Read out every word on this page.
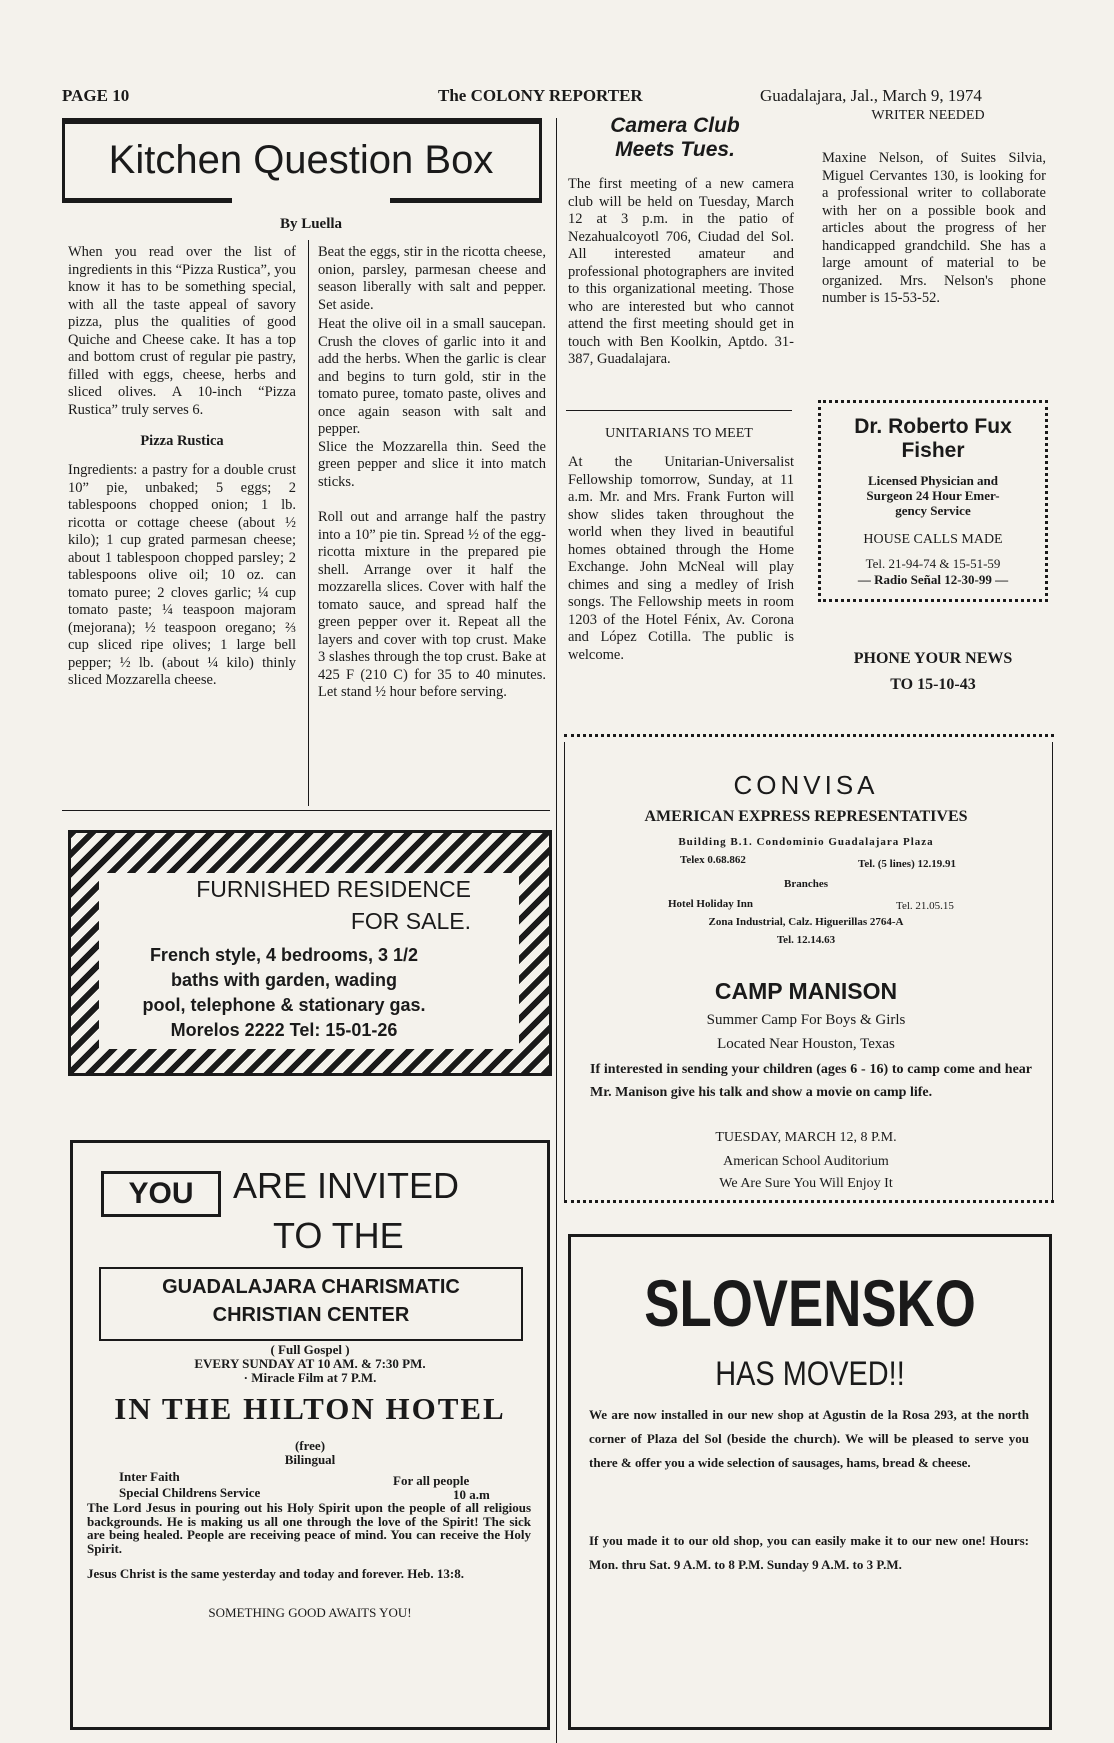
PAGE 10	The COLONY REPORTER	Guadalajara, Jal., March 9, 1974
Kitchen Question Box
By Luella

When you read over the list of ingredients in this “Pizza Rustica”, you know it has to be something special, with all the taste appeal of savory pizza, plus the qualities of good Quiche and Cheese cake. It has a top and bottom crust of regular pie pastry, filled with eggs, cheese, herbs and sliced olives. A 10-inch “Pizza Rustica” truly serves 6.

Pizza Rustica

Ingredients: a pastry for a double crust 10” pie, unbaked; 5 eggs; 2 tablespoons chopped onion; 1 lb. ricotta or cottage cheese (about ½ kilo); 1 cup grated parmesan cheese; about 1 tablespoon chopped parsley; 2 tablespoons olive oil; 10 oz. can tomato puree; 2 cloves garlic; ¼ cup tomato paste; ¼ teaspoon majoram (mejorana); ½ teaspoon oregano; ⅔ cup sliced ripe olives; 1 large bell pepper; ½ lb. (about ¼ kilo) thinly sliced Mozzarella cheese.

Beat the eggs, stir in the ricotta cheese, onion, parsley, parmesan cheese and season liberally with salt and pepper. Set aside.

Heat the olive oil in a small saucepan. Crush the cloves of garlic into it and add the herbs. When the garlic is clear and begins to turn gold, stir in the tomato puree, tomato paste, olives and once again season with salt and pepper.

Slice the Mozzarella thin. Seed the green pepper and slice it into match sticks.

Roll out and arrange half the pastry into a 10” pie tin. Spread ½ of the egg-ricotta mixture in the prepared pie shell. Arrange over it half the mozzarella slices. Cover with half the tomato sauce, and spread half the green pepper over it. Repeat all the layers and cover with top crust. Make 3 slashes through the top crust. Bake at 425 F (210 C) for 35 to 40 minutes. Let stand ½ hour before serving.

Camera Club
Meets Tues.

The first meeting of a new camera club will be held on Tuesday, March 12 at 3 p.m. in the patio of Nezahualcoyotl 706, Ciudad del Sol. All interested amateur and professional photographers are invited to this organizational meeting. Those who are interested but who cannot attend the first meeting should get in touch with Ben Koolkin, Aptdo. 31-387, Guadalajara.

UNITARIANS TO MEET

At the Unitarian-Universalist Fellowship tomorrow, Sunday, at 11 a.m. Mr. and Mrs. Frank Furton will show slides taken throughout the world when they lived in beautiful homes obtained through the Home Exchange. John McNeal will play chimes and sing a medley of Irish songs. The Fellowship meets in room 1203 of the Hotel Fénix, Av. Corona and López Cotilla. The public is welcome.

WRITER NEEDED

Maxine Nelson, of Suites Silvia, Miguel Cervantes 130, is looking for a professional writer to collaborate with her on a possible book and articles about the progress of her handicapped grandchild. She has a large amount of material to be organized. Mrs. Nelson's phone number is 15-53-52.

Dr. Roberto Fux
Fisher
Licensed Physician and
Surgeon 24 Hour Emer-
gency Service
HOUSE CALLS MADE
Tel. 21-94-74 & 15-51-59
— Radio Señal 12-30-99 —
PHONE YOUR NEWS
TO 15-10-43
CONVISA
AMERICAN EXPRESS REPRESENTATIVES
Building B.1. Condominio Guadalajara Plaza
Telex 0.68.862	Tel. (5 lines) 12.19.91
Branches
Hotel Holiday Inn	Tel. 21.05.15
Zona Industrial, Calz. Higuerillas 2764-A
Tel. 12.14.63
CAMP MANISON
Summer Camp For Boys & Girls
Located Near Houston, Texas
If interested in sending your children (ages 6 - 16) to camp come and hear Mr. Manison give his talk and show a movie on camp life.
TUESDAY, MARCH 12, 8 P.M.
American School Auditorium
We Are Sure You Will Enjoy It
FURNISHED RESIDENCE
FOR SALE.
French style, 4 bedrooms, 3 1/2
baths with garden, wading
pool, telephone & stationary gas.
Morelos 2222 Tel: 15-01-26
YOU	ARE INVITED
TO THE
GUADALAJARA CHARISMATIC
CHRISTIAN CENTER
( Full Gospel )
EVERY SUNDAY AT 10 AM. & 7:30 PM.
· Miracle Film at 7 P.M.
IN THE HILTON HOTEL
(free)
Bilingual
Inter Faith	For all people
Special Childrens Service	10 a.m
The Lord Jesus in pouring out his Holy Spirit upon the people of all religious backgrounds. He is making us all one through the love of the Spirit! The sick are being healed. People are receiving peace of mind. You can receive the Holy Spirit.
Jesus Christ is the same yesterday and today and forever. Heb. 13:8.
SOMETHING GOOD AWAITS YOU!
SLOVENSKO
HAS MOVED!!
We are now installed in our new shop at Agustin de la Rosa 293, at the north corner of Plaza del Sol (beside the church). We will be pleased to serve you there & offer you a wide selection of sausages, hams, bread & cheese.
If you made it to our old shop, you can easily make it to our new one! Hours: Mon. thru Sat. 9 A.M. to 8 P.M. Sunday 9 A.M. to 3 P.M.
